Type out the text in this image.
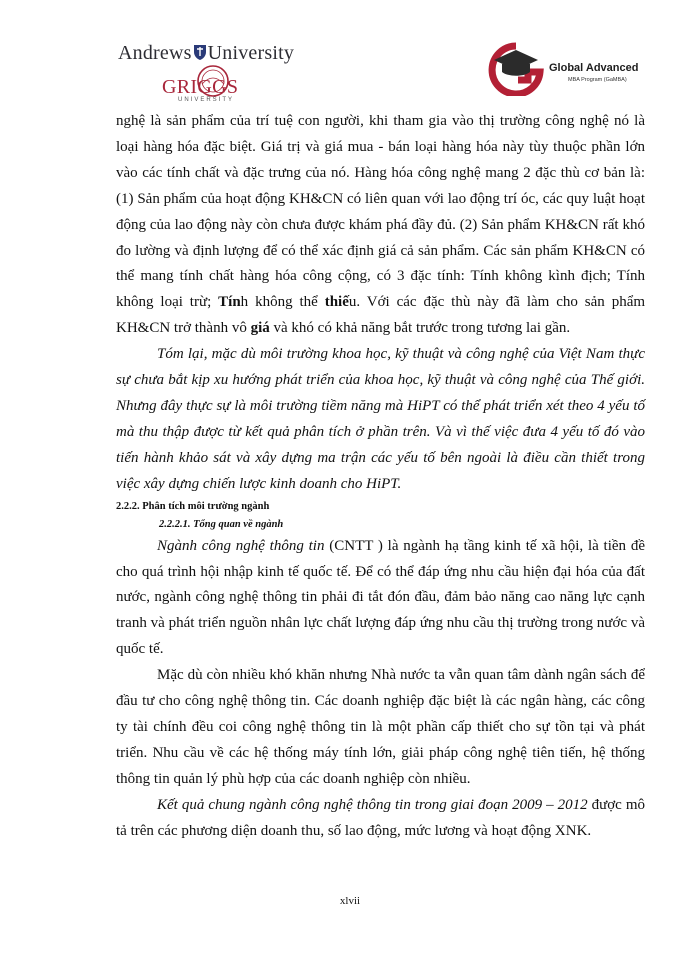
Andrews University
GRIGGS
UNIVERSITY
Global Advanced
MBA Program (GaMBA)

nghệ là sản phẩm của trí tuệ con người, khi tham gia vào thị trường công nghệ nó là loại hàng hóa đặc biệt. Giá trị và giá mua - bán loại hàng hóa này tùy thuộc phần lớn vào các tính chất và đặc trưng của nó. Hàng hóa công nghệ mang 2 đặc thù cơ bản là: (1) Sản phẩm của hoạt động KH&CN có liên quan với lao động trí óc, các quy luật hoạt động của lao động này còn chưa được khám phá đầy đủ. (2) Sản phẩm KH&CN rất khó đo lường và định lượng để có thể xác định giá cả sản phẩm. Các sản phẩm KH&CN có thể mang tính chất hàng hóa công cộng, có 3 đặc tính: Tính không kình địch; Tính không loại trừ; Tính không thể thiếu. Với các đặc thù này đã làm cho sản phẩm KH&CN trở thành vô giá và khó có khả năng bắt trước trong tương lai gần.

Tóm lại, mặc dù môi trường khoa học, kỹ thuật và công nghệ của Việt Nam thực sự chưa bắt kịp xu hướng phát triển của khoa học, kỹ thuật và công nghệ của Thế giới. Nhưng đây thực sự là môi trường tiềm năng mà HiPT có thể phát triển xét theo 4 yếu tố mà thu thập được từ kết quả phân tích ở phần trên. Và vì thế việc đưa 4 yếu tố đó vào tiến hành khảo sát và xây dựng ma trận các yếu tố bên ngoài là điều cần thiết trong việc xây dựng chiến lược kinh doanh cho HiPT.

2.2.2. Phân tích môi trường ngành
2.2.2.1. Tổng quan về ngành

Ngành công nghệ thông tin (CNTT ) là ngành hạ tầng kinh tế xã hội, là tiền đề cho quá trình hội nhập kinh tế quốc tế. Để có thể đáp ứng nhu cầu hiện đại hóa của đất nước, ngành công nghệ thông tin phải đi tắt đón đầu, đảm bảo năng cao năng lực cạnh tranh và phát triển nguồn nhân lực chất lượng đáp ứng nhu cầu thị trường trong nước và quốc tế.

Mặc dù còn nhiều khó khăn nhưng Nhà nước ta vẫn quan tâm dành ngân sách để đầu tư cho công nghệ thông tin. Các doanh nghiệp đặc biệt là các ngân hàng, các công ty tài chính đều coi công nghệ thông tin là một phần cấp thiết cho sự tồn tại và phát triển. Nhu cầu về các hệ thống máy tính lớn, giải pháp công nghệ tiên tiến, hệ thống thông tin quản lý phù hợp của các doanh nghiệp còn nhiều.

Kết quả chung ngành công nghệ thông tin trong giai đoạn 2009 – 2012 được mô tả trên các phương diện doanh thu, số lao động, mức lương và hoạt động XNK.

xlvii
